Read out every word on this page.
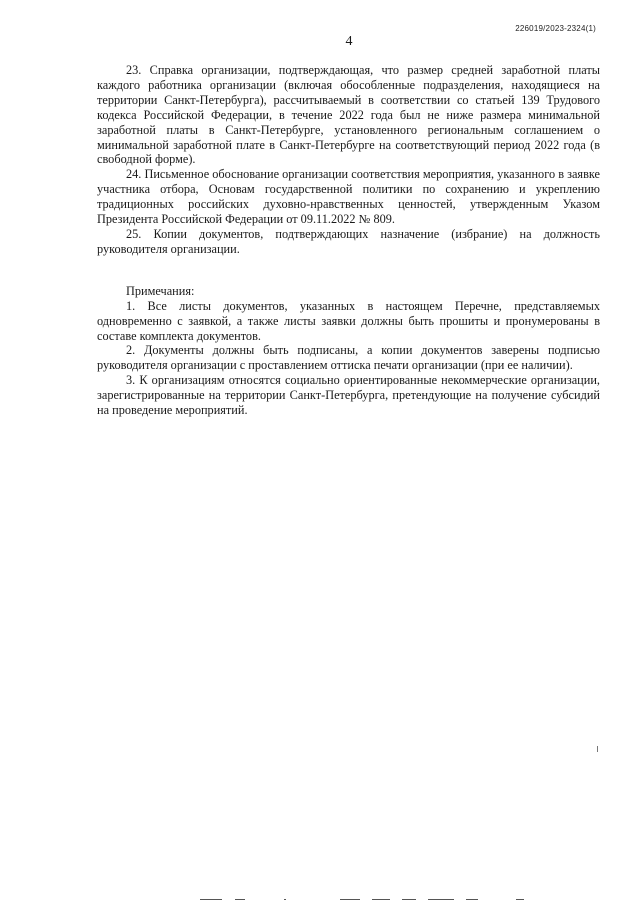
226019/2023-2324(1)
4

23. Справка организации, подтверждающая, что размер средней заработной платы каждого работника организации (включая обособленные подразделения, находящиеся на территории Санкт-Петербурга), рассчитываемый в соответствии со статьей 139 Трудового кодекса Российской Федерации, в течение 2022 года был не ниже размера минимальной заработной платы в Санкт-Петербурге, установленного региональным соглашением о минимальной заработной плате в Санкт-Петербурге на соответствующий период 2022 года (в свободной форме).

24. Письменное обоснование организации соответствия мероприятия, указанного в заявке участника отбора, Основам государственной политики по сохранению и укреплению традиционных российских духовно-нравственных ценностей, утвержденным Указом Президента Российской Федерации от 09.11.2022 № 809.

25. Копии документов, подтверждающих назначение (избрание) на должность руководителя организации.

Примечания:

1. Все листы документов, указанных в настоящем Перечне, представляемых одновременно с заявкой, а также листы заявки должны быть прошиты и пронумерованы в составе комплекта документов.

2. Документы должны быть подписаны, а копии документов заверены подписью руководителя организации с проставлением оттиска печати организации (при ее наличии).

3. К организациям относятся социально ориентированные некоммерческие организации, зарегистрированные на территории Санкт-Петербурга, претендующие на получение субсидий на проведение мероприятий.
